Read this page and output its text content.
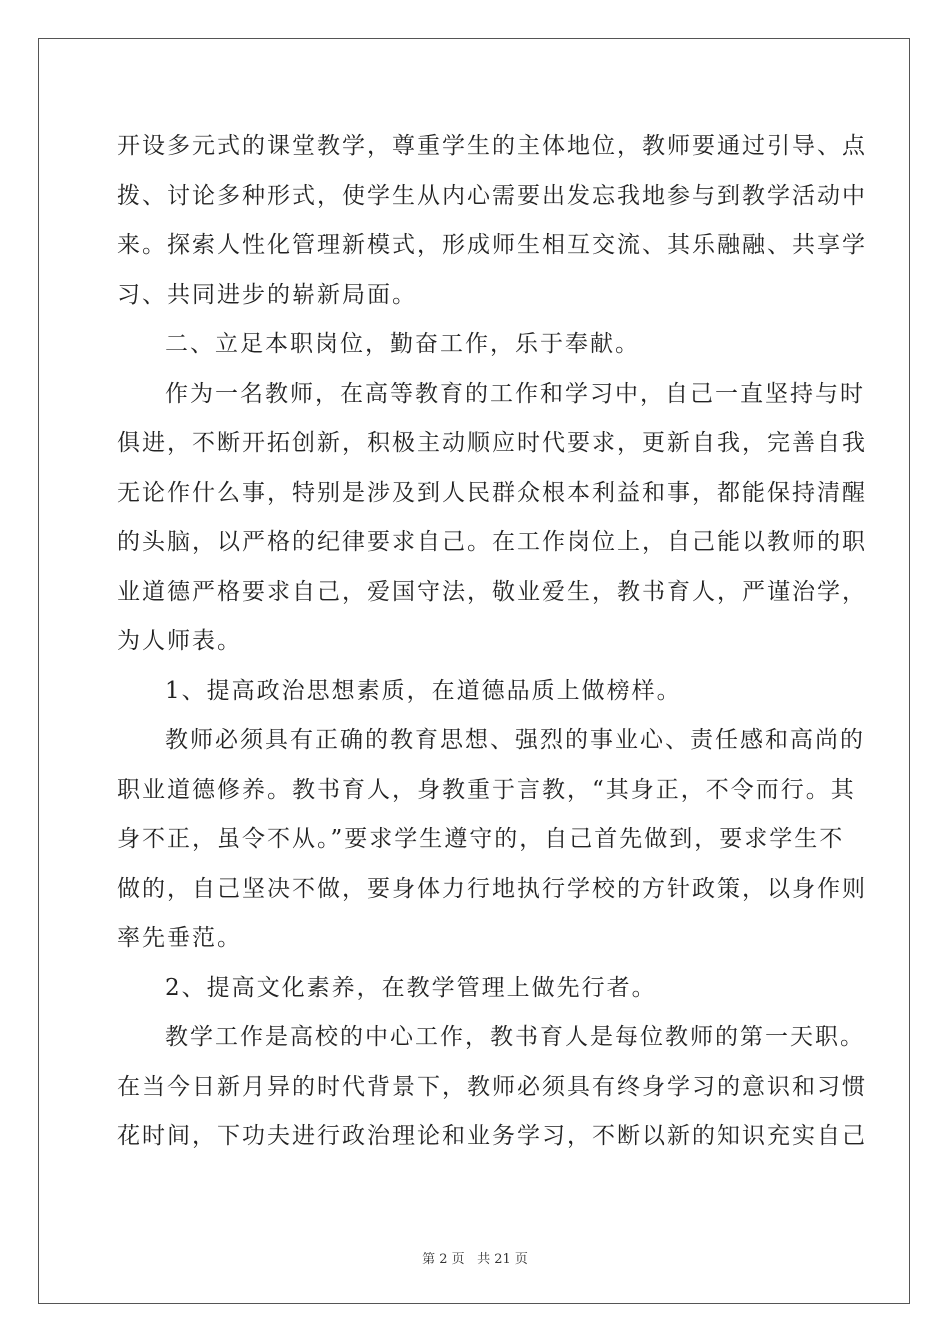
开设多元式的课堂教学，尊重学生的主体地位，教师要通过引导、点
拨、讨论多种形式，使学生从内心需要出发忘我地参与到教学活动中
来。探索人性化管理新模式，形成师生相互交流、其乐融融、共享学
习、共同进步的崭新局面。
二、立足本职岗位，勤奋工作，乐于奉献。
作为一名教师，在高等教育的工作和学习中，自己一直坚持与时
俱进，不断开拓创新，积极主动顺应时代要求，更新自我，完善自我
无论作什么事，特别是涉及到人民群众根本利益和事，都能保持清醒
的头脑，以严格的纪律要求自己。在工作岗位上，自己能以教师的职
业道德严格要求自己，爱国守法，敬业爱生，教书育人，严谨治学，
为人师表。
1、提高政治思想素质，在道德品质上做榜样。
教师必须具有正确的教育思想、强烈的事业心、责任感和高尚的
职业道德修养。教书育人，身教重于言教，“其身正，不令而行。其
身不正，虽令不从。”要求学生遵守的，自己首先做到，要求学生不
做的，自己坚决不做，要身体力行地执行学校的方针政策，以身作则
率先垂范。
2、提高文化素养，在教学管理上做先行者。
教学工作是高校的中心工作，教书育人是每位教师的第一天职。
在当今日新月异的时代背景下，教师必须具有终身学习的意识和习惯
花时间，下功夫进行政治理论和业务学习，不断以新的知识充实自己
第 2 页 共 21 页
